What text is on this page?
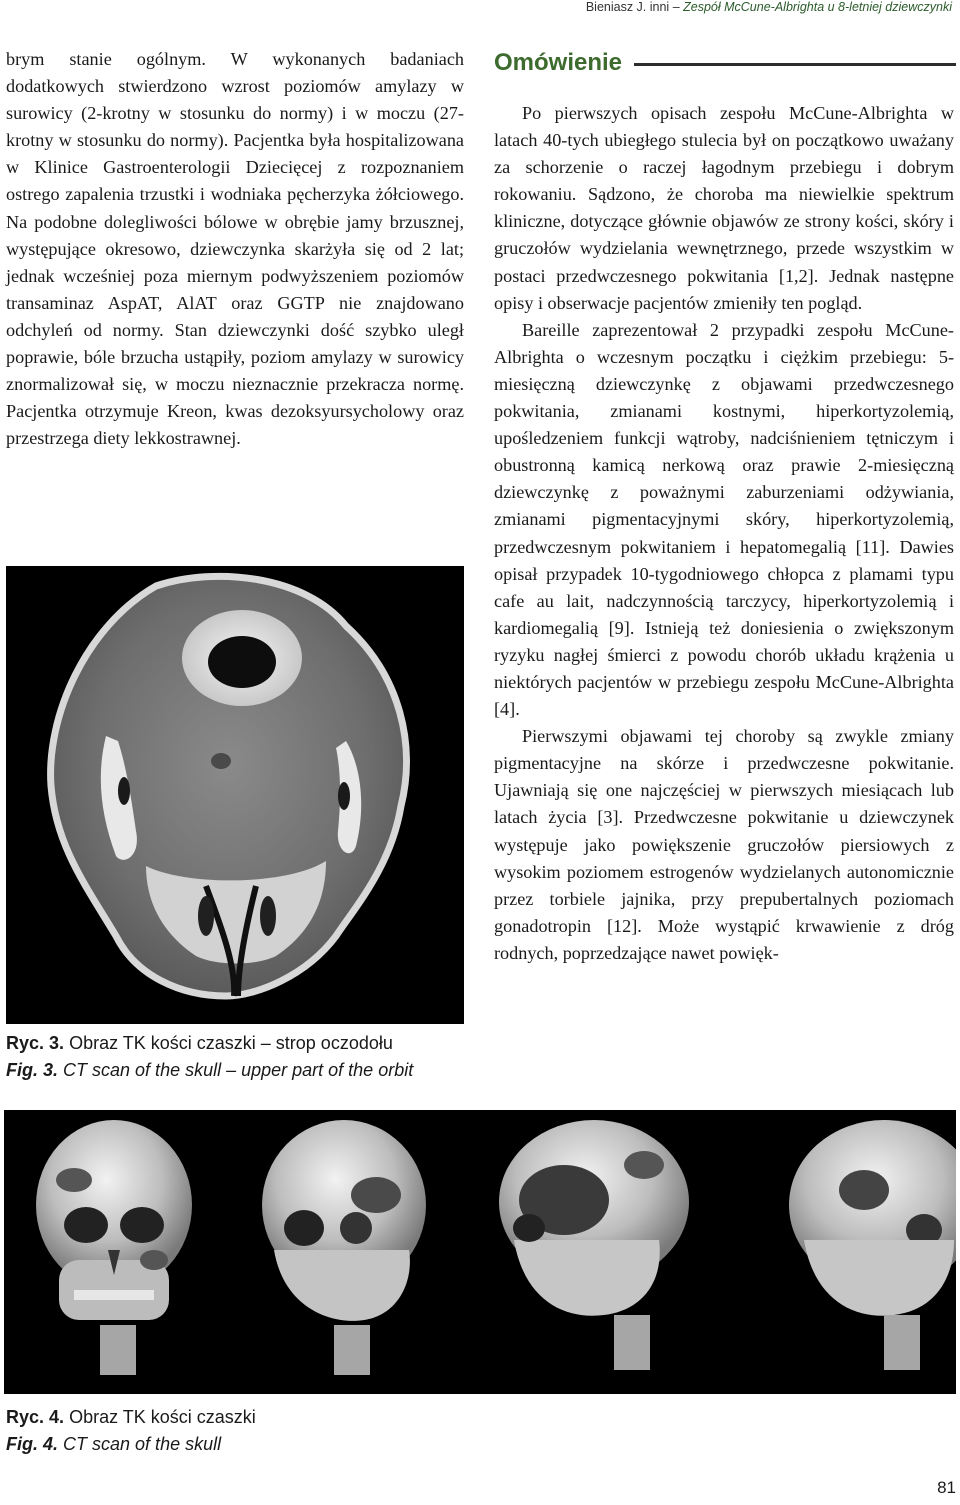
Bieniasz J. inni – Zespół McCune-Albrighta u 8-letniej dziewczynki

brym stanie ogólnym. W wykonanych badaniach dodatkowych stwierdzono wzrost poziomów amylazy w surowicy (2-krotny w stosunku do normy) i w moczu (27-krotny w stosunku do normy). Pacjentka była hospitalizowana w Klinice Gastroenterologii Dziecięcej z rozpoznaniem ostrego zapalenia trzustki i wodniaka pęcherzyka żółciowego. Na podobne dolegliwości bólowe w obrębie jamy brzusznej, występujące okresowo, dziewczynka skarżyła się od 2 lat; jednak wcześniej poza miernym podwyższeniem poziomów transaminaz AspAT, AlAT oraz GGTP nie znajdowano odchyleń od normy. Stan dziewczynki dość szybko uległ poprawie, bóle brzucha ustąpiły, poziom amylazy w surowicy znormalizował się, w moczu nieznacznie przekracza normę. Pacjentka otrzymuje Kreon, kwas dezoksyursycholowy oraz przestrzega diety lekkostrawnej.

Ryc. 3. Obraz TK kości czaszki – strop oczodołu
Fig. 3. CT scan of the skull – upper part of the orbit
Omówienie

Po pierwszych opisach zespołu McCune-Albrighta w latach 40-tych ubiegłego stulecia był on początkowo uważany za schorzenie o raczej łagodnym przebiegu i dobrym rokowaniu. Sądzono, że choroba ma niewielkie spektrum kliniczne, dotyczące głównie objawów ze strony kości, skóry i gruczołów wydzielania wewnętrznego, przede wszystkim w postaci przedwczesnego pokwitania [1,2]. Jednak następne opisy i obserwacje pacjentów zmieniły ten pogląd.

Bareille zaprezentował 2 przypadki zespołu McCune-Albrighta o wczesnym początku i ciężkim przebiegu: 5-miesięczną dziewczynkę z objawami przedwczesnego pokwitania, zmianami kostnymi, hiperkortyzolemią, upośledzeniem funkcji wątroby, nadciśnieniem tętniczym i obustronną kamicą nerkową oraz prawie 2-miesięczną dziewczynkę z poważnymi zaburzeniami odżywiania, zmianami pigmentacyjnymi skóry, hiperkortyzolemią, przedwczesnym pokwitaniem i hepatomegalią [11]. Dawies opisał przypadek 10-tygodniowego chłopca z plamami typu cafe au lait, nadczynnością tarczycy, hiperkortyzolemią i kardiomegalią [9]. Istnieją też doniesienia o zwiększonym ryzyku nagłej śmierci z powodu chorób układu krążenia u niektórych pacjentów w przebiegu zespołu McCune-Albrighta [4].

Pierwszymi objawami tej choroby są zwykle zmiany pigmentacyjne na skórze i przedwczesne pokwitanie. Ujawniają się one najczęściej w pierwszych miesiącach lub latach życia [3]. Przedwczesne pokwitanie u dziewczynek występuje jako powiększenie gruczołów piersiowych z wysokim poziomem estrogenów wydzielanych autonomicznie przez torbiele jajnika, przy prepubertalnych poziomach gonadotropin [12]. Może wystąpić krwawienie z dróg rodnych, poprzedzające nawet powięk-

Ryc. 4. Obraz TK kości czaszki
Fig. 4. CT scan of the skull
81
